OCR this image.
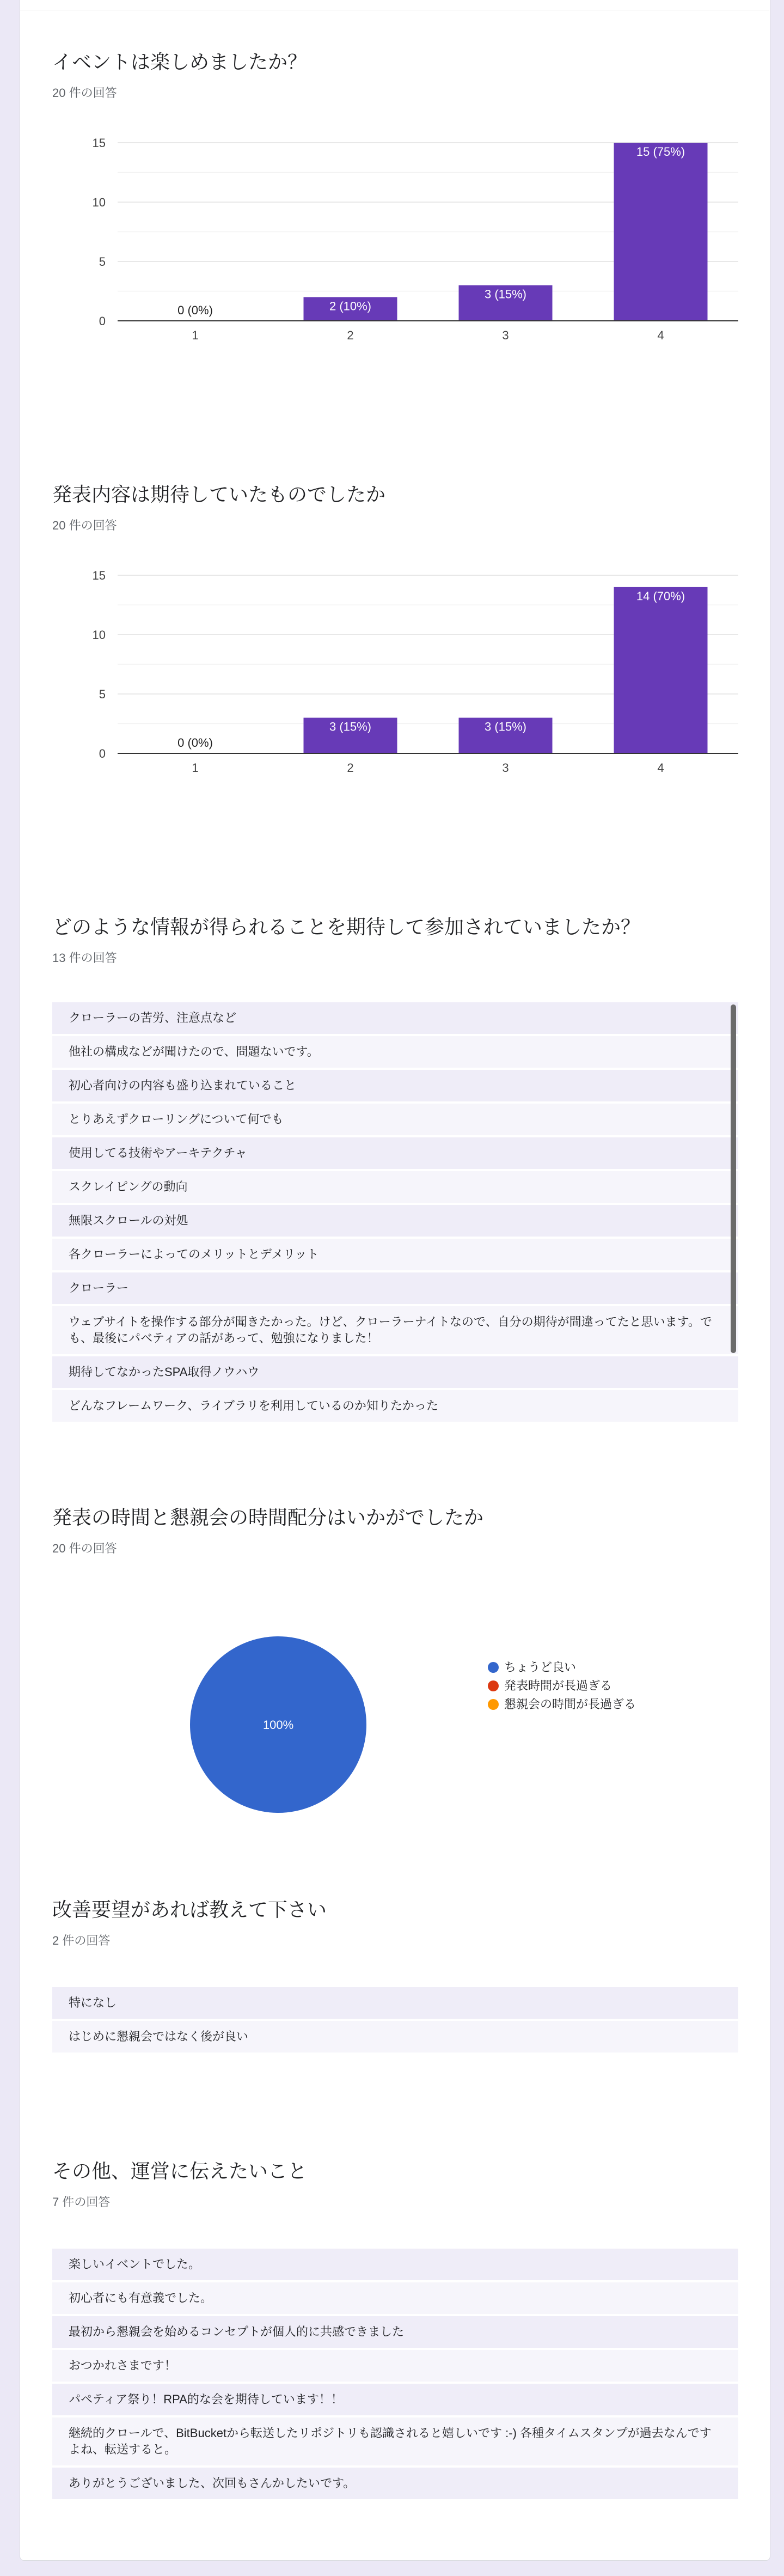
イベントは楽しめましたか？
20 件の回答
0
5
10
15
0 (0%)
1
2 (10%)
2
3 (15%)
3
15 (75%)
4
発表内容は期待していたものでしたか
20 件の回答
0
5
10
15
0 (0%)
1
3 (15%)
2
3 (15%)
3
14 (70%)
4
どのような情報が得られることを期待して参加されていましたか？
13 件の回答
クローラーの苦労、注意点など
他社の構成などが聞けたので、問題ないです。
初心者向けの内容も盛り込まれていること
とりあえずクローリングについて何でも
使用してる技術やアーキテクチャ
スクレイピングの動向
無限スクロールの対処
各クローラーによってのメリットとデメリット
クローラー
ウェブサイトを操作する部分が聞きたかった。けど、クローラーナイトなので、自分の期待が間違ってたと思います。でも、最後にパベティアの話があって、勉強になりました！
期待してなかったSPA取得ノウハウ
どんなフレームワーク、ライブラリを利用しているのか知りたかった
発表の時間と懇親会の時間配分はいかがでしたか
20 件の回答
100%
ちょうど良い
発表時間が長過ぎる
懇親会の時間が長過ぎる
改善要望があれば教えて下さい
2 件の回答
特になし
はじめに懇親会ではなく後が良い
その他、運営に伝えたいこと
7 件の回答
楽しいイベントでした。
初心者にも有意義でした。
最初から懇親会を始めるコンセプトが個人的に共感できました
おつかれさまです！
パペティア祭り！RPA的な会を期待しています！！
継続的クロールで、BitBucketから転送したリポジトリも認識されると嬉しいです :-) 各種タイムスタンプが過去なんですよね、転送すると。
ありがとうございました、次回もさんかしたいです。
